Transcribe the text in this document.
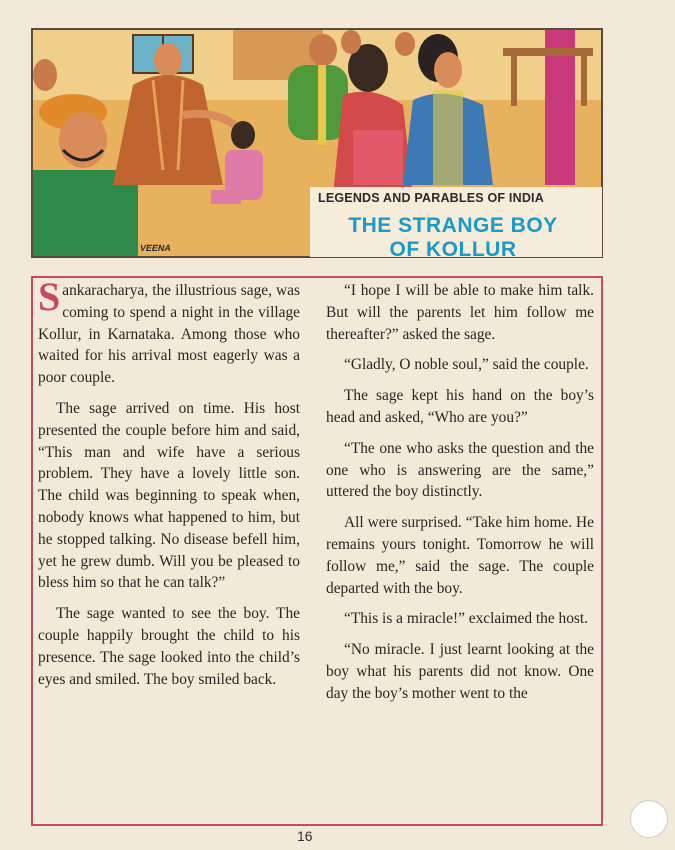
LEGENDS AND PARABLES OF INDIA
THE STRANGE BOY
OF KOLLUR
VEENA

Sankaracharya, the illustrious sage, was coming to spend a night in the village Kollur, in Karnataka. Among those who waited for his arrival most eagerly was a poor couple.

The sage arrived on time. His host presented the couple before him and said, “This man and wife have a serious problem. They have a lovely little son. The child was beginning to speak when, nobody knows what happened to him, but he stopped talking. No disease befell him, yet he grew dumb. Will you be pleased to bless him so that he can talk?”

The sage wanted to see the boy. The couple happily brought the child to his presence. The sage looked into the child’s eyes and smiled. The boy smiled back.

“I hope I will be able to make him talk. But will the parents let him follow me thereafter?” asked the sage.

“Gladly, O noble soul,” said the couple.

The sage kept his hand on the boy’s head and asked, “Who are you?”

“The one who asks the question and the one who is answering are the same,” uttered the boy distinctly.

All were surprised. “Take him home. He remains yours tonight. Tomorrow he will follow me,” said the sage. The couple departed with the boy.

“This is a miracle!” exclaimed the host.

“No miracle. I just learnt looking at the boy what his parents did not know. One day the boy’s mother went to the

16
